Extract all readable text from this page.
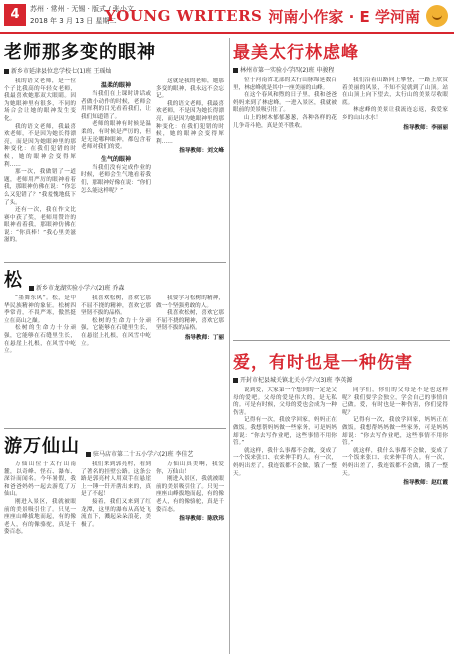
4	苏州 · 常州 · 无锡 · 版式 / 张小文
2018 年 3 月 13 日 星期二
YOUNG WRITERS 河南小作家 · E 学河南
老师那多变的眼神
新乡市延津县位忠学校七(1)班 王瑶灿

我的语文老师，是一位个子比我高的年轻女老师，我最喜欢她那双大眼睛。因为她眼神里有很多，不同的场合会让她的眼神发生变化。

我的语文老师，我最喜欢老师，不是因为她长得漂亮，而是因为她眼神里的那种变化：在我们犯错的时候，她的眼神会变得犀利……

那一次，我做错了一道题，老师用严厉的眼神看着我，那眼神仿佛在说：“你怎么又犯错了？”我羞愧地低下了头。

还有一次，我在作文比赛中获了奖，老师用赞许的眼神看着我，那眼神仿佛在说：“你真棒！”我心里美滋滋的。

温柔的眼神

当我们在上课时讲话或者做小动作的时候，老师会用犀利的目光看着我们，让我们知道错了。

老师的眼神有时候是温柔的，有时候是严厉的，但是无论哪种眼神，都包含着老师对我们的爱。

生气的眼神

当我们没有完成作业的时候，老师会生气地看着我们，那眼神好像在说：“你们怎么能这样呢？”

这就是我的老师，她那多变的眼神，我永远不会忘记。

我的语文老师，我最喜欢老师，不是因为她长得漂亮，而是因为她眼神里的那种变化：在我们犯错的时候，她的眼神会变得犀利……

指导教师：刘文峰
最美太行林虑峰
林州市第一实验小学四(2)班 申骏程

位于河南省北部的太行山脉绵延数百里，林虑峰就是其中一座美丽的山峰。

在这个春风和煦的日子里，我和爸爸妈妈来到了林虑峰。一进入景区，我就被眼前的美景吸引住了。

山上的树木郁郁葱葱，各种各样的花儿争奇斗艳，真是美不胜收。

我们沿着山路向上攀登，一路上欣赏着美丽的风景，不知不觉就到了山顶。站在山顶上向下望去，太行山的美景尽收眼底。

林虑峰的美景让我流连忘返，我爱家乡的山山水水！

指导教师：李丽丽
松	新乡市龙湖实验小学六(2)班 乔森

“墨舞东风”。松，是中华民族精神的象征。松树四季常青，不畏严寒，傲然挺立在高山之巅。

松树的生命力十分顽强，它能够在石缝里生长，在悬崖上扎根，在风雪中屹立。

我喜欢松树，喜欢它那不屈不挠的精神，喜欢它那坚韧不拔的品格。

松树的生命力十分顽强，它能够在石缝里生长，在悬崖上扎根，在风雪中屹立。

我要学习松树的精神，做一个坚强勇敢的人。

我喜欢松树，喜欢它那不屈不挠的精神，喜欢它那坚韧不拔的品格。

指导教师：丁丽
爱，有时也是一种伤害
开封市杞县城关镇北关小学六(3)班 李英源

说到爱，大家第一个想到的一定是父母的爱吧。父母的爱是伟大的，是无私的。可是有时候，父母的爱也会成为一种伤害。

记得有一次，我放学回家，妈妈正在做饭。我想帮妈妈做一些家务，可是妈妈却说：“你去写作业吧，这些事情不用你管。”

就这样，我什么事都不会做，变成了一个饭来张口、衣来伸手的人。有一次，妈妈出差了，我连饭都不会做，饿了一整天。

同学们，你们的父母是不是也这样呢？我们要学会独立，学会自己的事情自己做。爱，有时也是一种伤害，你们觉得呢？

记得有一次，我放学回家，妈妈正在做饭。我想帮妈妈做一些家务，可是妈妈却说：“你去写作业吧，这些事情不用你管。”

就这样，我什么事都不会做，变成了一个饭来张口、衣来伸手的人。有一次，妈妈出差了，我连饭都不会做，饿了一整天。

指导教师：赵红霞
游万仙山	驻马店市第二十五小学六(2)班 李佳艺

万仙山位于太行山南麓，以奇峰、怪石、瀑布、深谷而闻名。今年暑假，我和爸爸妈妈一起去游览了万仙山。

刚进入景区，我就被眼前的美景吸引住了。只见一座座山峰拔地而起，有的像老人，有的像骆驼，真是千姿百态。

我们来到郭亮村，看到了著名的挂壁公路。这条公路是郭亮村人用双手在悬崖上一锤一钎开凿出来的，真是了不起！

接着，我们又来到了红龙潭，这里的瀑布从高处飞流直下，溅起朵朵浪花，美极了。

万仙山真美啊，我爱你，万仙山！

刚进入景区，我就被眼前的美景吸引住了。只见一座座山峰拔地而起，有的像老人，有的像骆驼，真是千姿百态。

指导教师：陈欣玮
